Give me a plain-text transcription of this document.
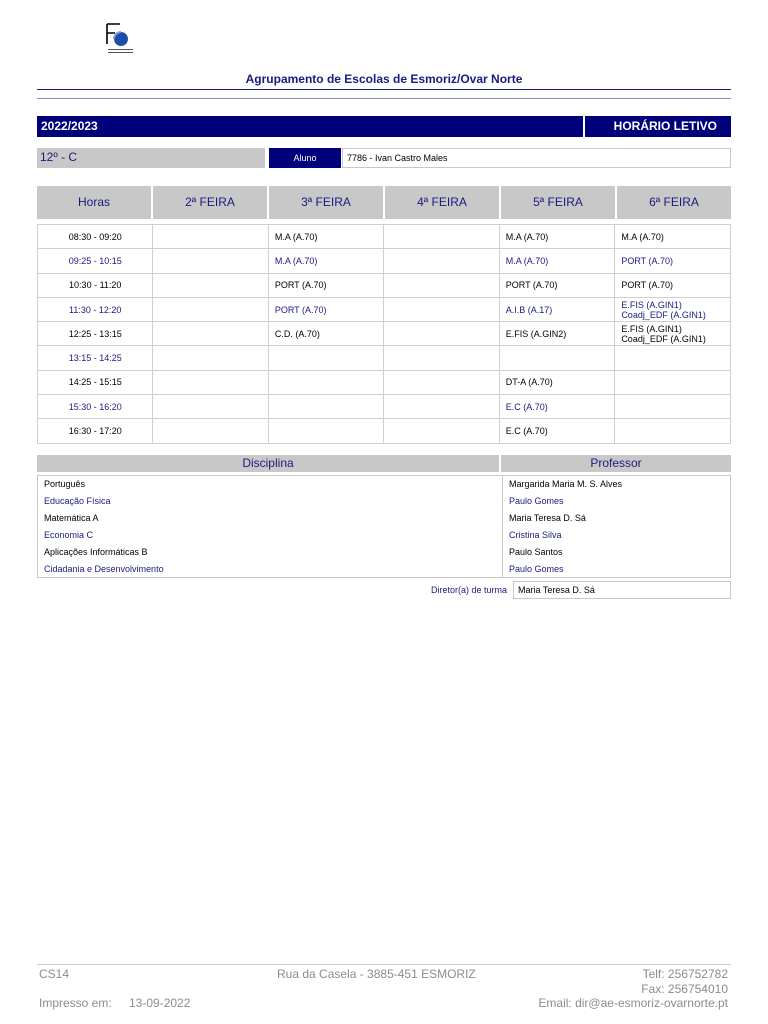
Agrupamento de Escolas de Esmoriz/Ovar Norte
2022/2023	HORÁRIO LETIVO
12º - C	Aluno	7786 - Ivan Castro Males
Horas	2ª FEIRA	3ª FEIRA	4ª FEIRA	5ª FEIRA	6ª FEIRA
08:30 - 09:20		M.A (A.70)		M.A (A.70)	M.A (A.70)
09:25 - 10:15		M.A (A.70)		M.A (A.70)	PORT (A.70)
10:30 - 11:20		PORT (A.70)		PORT (A.70)	PORT (A.70)
11:30 - 12:20		PORT (A.70)		A.I.B (A.17)	E.FIS (A.GIN1)
Coadj_EDF (A.GIN1)

12:25 - 13:15		C.D. (A.70)		E.FIS (A.GIN2)	E.FIS (A.GIN1)
Coadj_EDF (A.GIN1)

13:15 - 14:25					
14:25 - 15:15				DT-A (A.70)	
15:30 - 16:20				E.C (A.70)	
16:30 - 17:20				E.C (A.70)	
Disciplina	Professor
Português	Margarida Maria M. S. Alves
Educação Física	Paulo Gomes
Matemática A	Maria Teresa D. Sá
Economia C	Cristina Silva
Aplicações Informáticas B	Paulo Santos
Cidadania e Desenvolvimento	Paulo Gomes
Diretor(a) de turma	Maria Teresa D. Sá
CS14	Rua da Casela - 3885-451 ESMORIZ	Telf: 256752782
Fax: 256754010
Impresso em: 13-09-2022	Email: dir@ae-esmoriz-ovarnorte.pt
